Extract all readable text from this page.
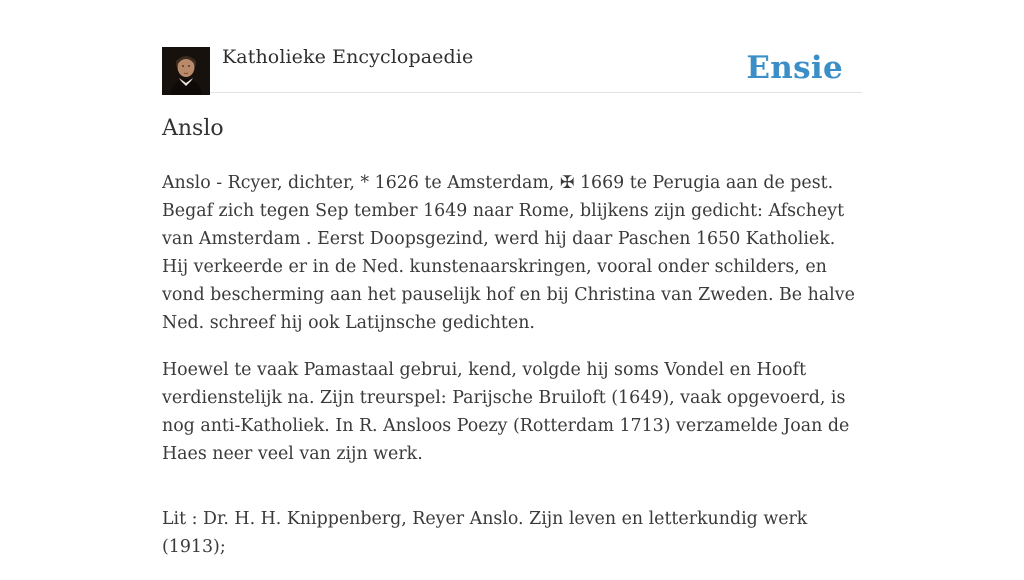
Katholieke Encyclopaedie	Ensie
Anslo

Anslo - Rcyer, dichter, * 1626 te Amsterdam, ✠ 1669 te Perugia aan de pest. Begaf zich tegen Sep tember 1649 naar Rome, blijkens zijn gedicht: Afscheyt van Amsterdam . Eerst Doopsgezind, werd hij daar Paschen 1650 Katholiek. Hij verkeerde er in de Ned. kunstenaarskringen, vooral onder schilders, en vond bescherming aan het pauselijk hof en bij Christina van Zweden. Be halve Ned. schreef hij ook Latijnsche gedichten.

Hoewel te vaak Pamastaal gebrui, kend, volgde hij soms Vondel en Hooft verdienstelijk na. Zijn treurspel: Parijsche Bruiloft (1649), vaak opgevoerd, is nog anti-Katholiek. In R. Ansloos Poezy (Rotterdam 1713) verzamelde Joan de Haes neer veel van zijn werk.

Lit : Dr. H. H. Knippenberg, Reyer Anslo. Zijn leven en letterkundig werk (1913);
